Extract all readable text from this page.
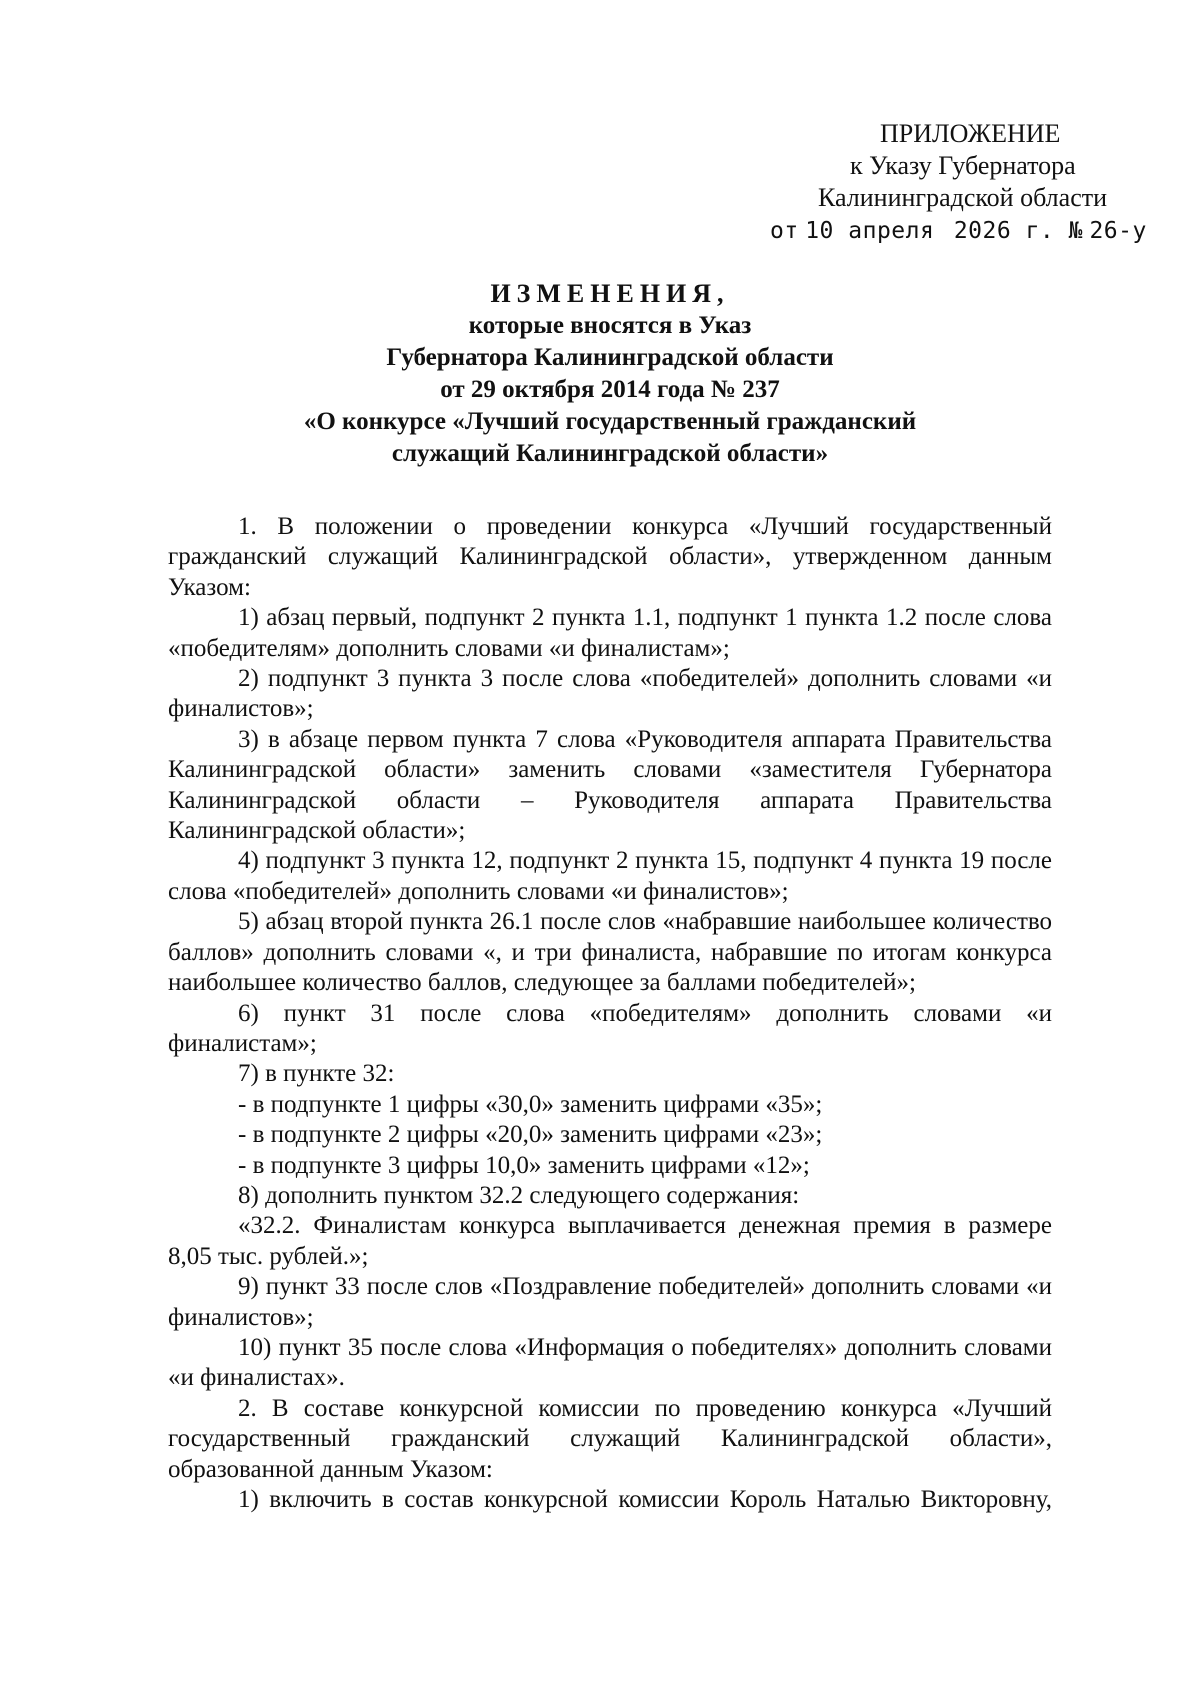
ПРИЛОЖЕНИЕ
к Указу Губернатора
Калининградской области
от 10 апреля 2026 г. № 26-у
ИЗМЕНЕНИЯ,
которые вносятся в Указ
Губернатора Калининградской области
от 29 октября 2014 года № 237
«О конкурсе «Лучший государственный гражданский
служащий Калининградской области»

1. В положении о проведении конкурса «Лучший государственный гражданский служащий Калининградской области», утвержденном данным Указом:

1) абзац первый, подпункт 2 пункта 1.1, подпункт 1 пункта 1.2 после слова «победителям» дополнить словами «и финалистам»;

2) подпункт 3 пункта 3 после слова «победителей» дополнить словами «и финалистов»;

3) в абзаце первом пункта 7 слова «Руководителя аппарата Правительства Калининградской области» заменить словами «заместителя Губернатора Калининградской области – Руководителя аппарата Правительства Калининградской области»;

4) подпункт 3 пункта 12, подпункт 2 пункта 15, подпункт 4 пункта 19 после слова «победителей» дополнить словами «и финалистов»;

5) абзац второй пункта 26.1 после слов «набравшие наибольшее количество баллов» дополнить словами «, и три финалиста, набравшие по итогам конкурса наибольшее количество баллов, следующее за баллами победителей»;

6) пункт 31 после слова «победителям» дополнить словами «и финалистам»;

7) в пункте 32:

- в подпункте 1 цифры «30,0» заменить цифрами «35»;

- в подпункте 2 цифры «20,0» заменить цифрами «23»;

- в подпункте 3 цифры 10,0» заменить цифрами «12»;

8) дополнить пунктом 32.2 следующего содержания:

«32.2. Финалистам конкурса выплачивается денежная премия в размере 8,05 тыс. рублей.»;

9) пункт 33 после слов «Поздравление победителей» дополнить словами «и финалистов»;

10) пункт 35 после слова «Информация о победителях» дополнить словами «и финалистах».

2. В составе конкурсной комиссии по проведению конкурса «Лучший государственный гражданский служащий Калининградской области», образованной данным Указом:

1) включить в состав конкурсной комиссии Король Наталью Викторовну,
